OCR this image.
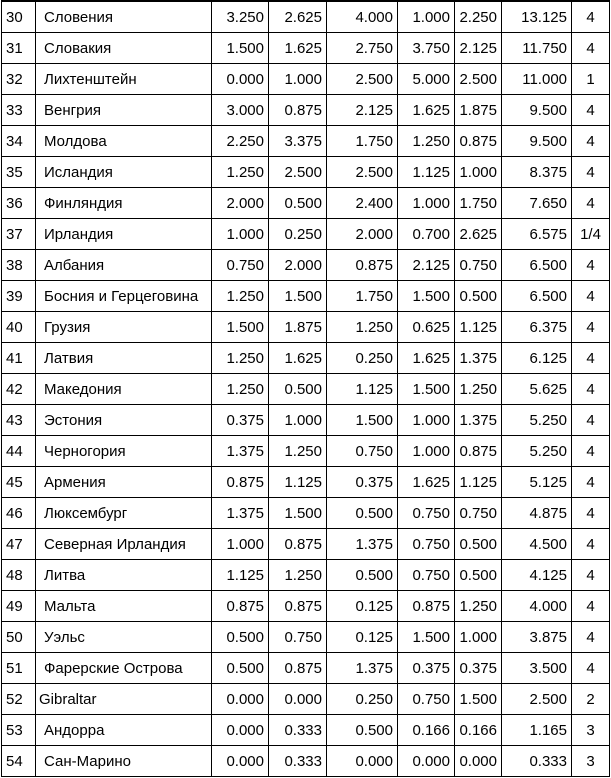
30	Словения	3.250	2.625	4.000	1.000	2.250	13.125	4
31	Словакия	1.500	1.625	2.750	3.750	2.125	11.750	4
32	Лихтенштейн	0.000	1.000	2.500	5.000	2.500	11.000	1
33	Венгрия	3.000	0.875	2.125	1.625	1.875	9.500	4
34	Молдова	2.250	3.375	1.750	1.250	0.875	9.500	4
35	Исландия	1.250	2.500	2.500	1.125	1.000	8.375	4
36	Финляндия	2.000	0.500	2.400	1.000	1.750	7.650	4
37	Ирландия	1.000	0.250	2.000	0.700	2.625	6.575	1/4
38	Албания	0.750	2.000	0.875	2.125	0.750	6.500	4
39	Босния и Герцеговина	1.250	1.500	1.750	1.500	0.500	6.500	4
40	Грузия	1.500	1.875	1.250	0.625	1.125	6.375	4
41	Латвия	1.250	1.625	0.250	1.625	1.375	6.125	4
42	Македония	1.250	0.500	1.125	1.500	1.250	5.625	4
43	Эстония	0.375	1.000	1.500	1.000	1.375	5.250	4
44	Черногория	1.375	1.250	0.750	1.000	0.875	5.250	4
45	Армения	0.875	1.125	0.375	1.625	1.125	5.125	4
46	Люксембург	1.375	1.500	0.500	0.750	0.750	4.875	4
47	Северная Ирландия	1.000	0.875	1.375	0.750	0.500	4.500	4
48	Литва	1.125	1.250	0.500	0.750	0.500	4.125	4
49	Мальта	0.875	0.875	0.125	0.875	1.250	4.000	4
50	Уэльс	0.500	0.750	0.125	1.500	1.000	3.875	4
51	Фарерские Острова	0.500	0.875	1.375	0.375	0.375	3.500	4
52	Gibraltar	0.000	0.000	0.250	0.750	1.500	2.500	2
53	Андорра	0.000	0.333	0.500	0.166	0.166	1.165	3
54	Сан-Марино	0.000	0.333	0.000	0.000	0.000	0.333	3
